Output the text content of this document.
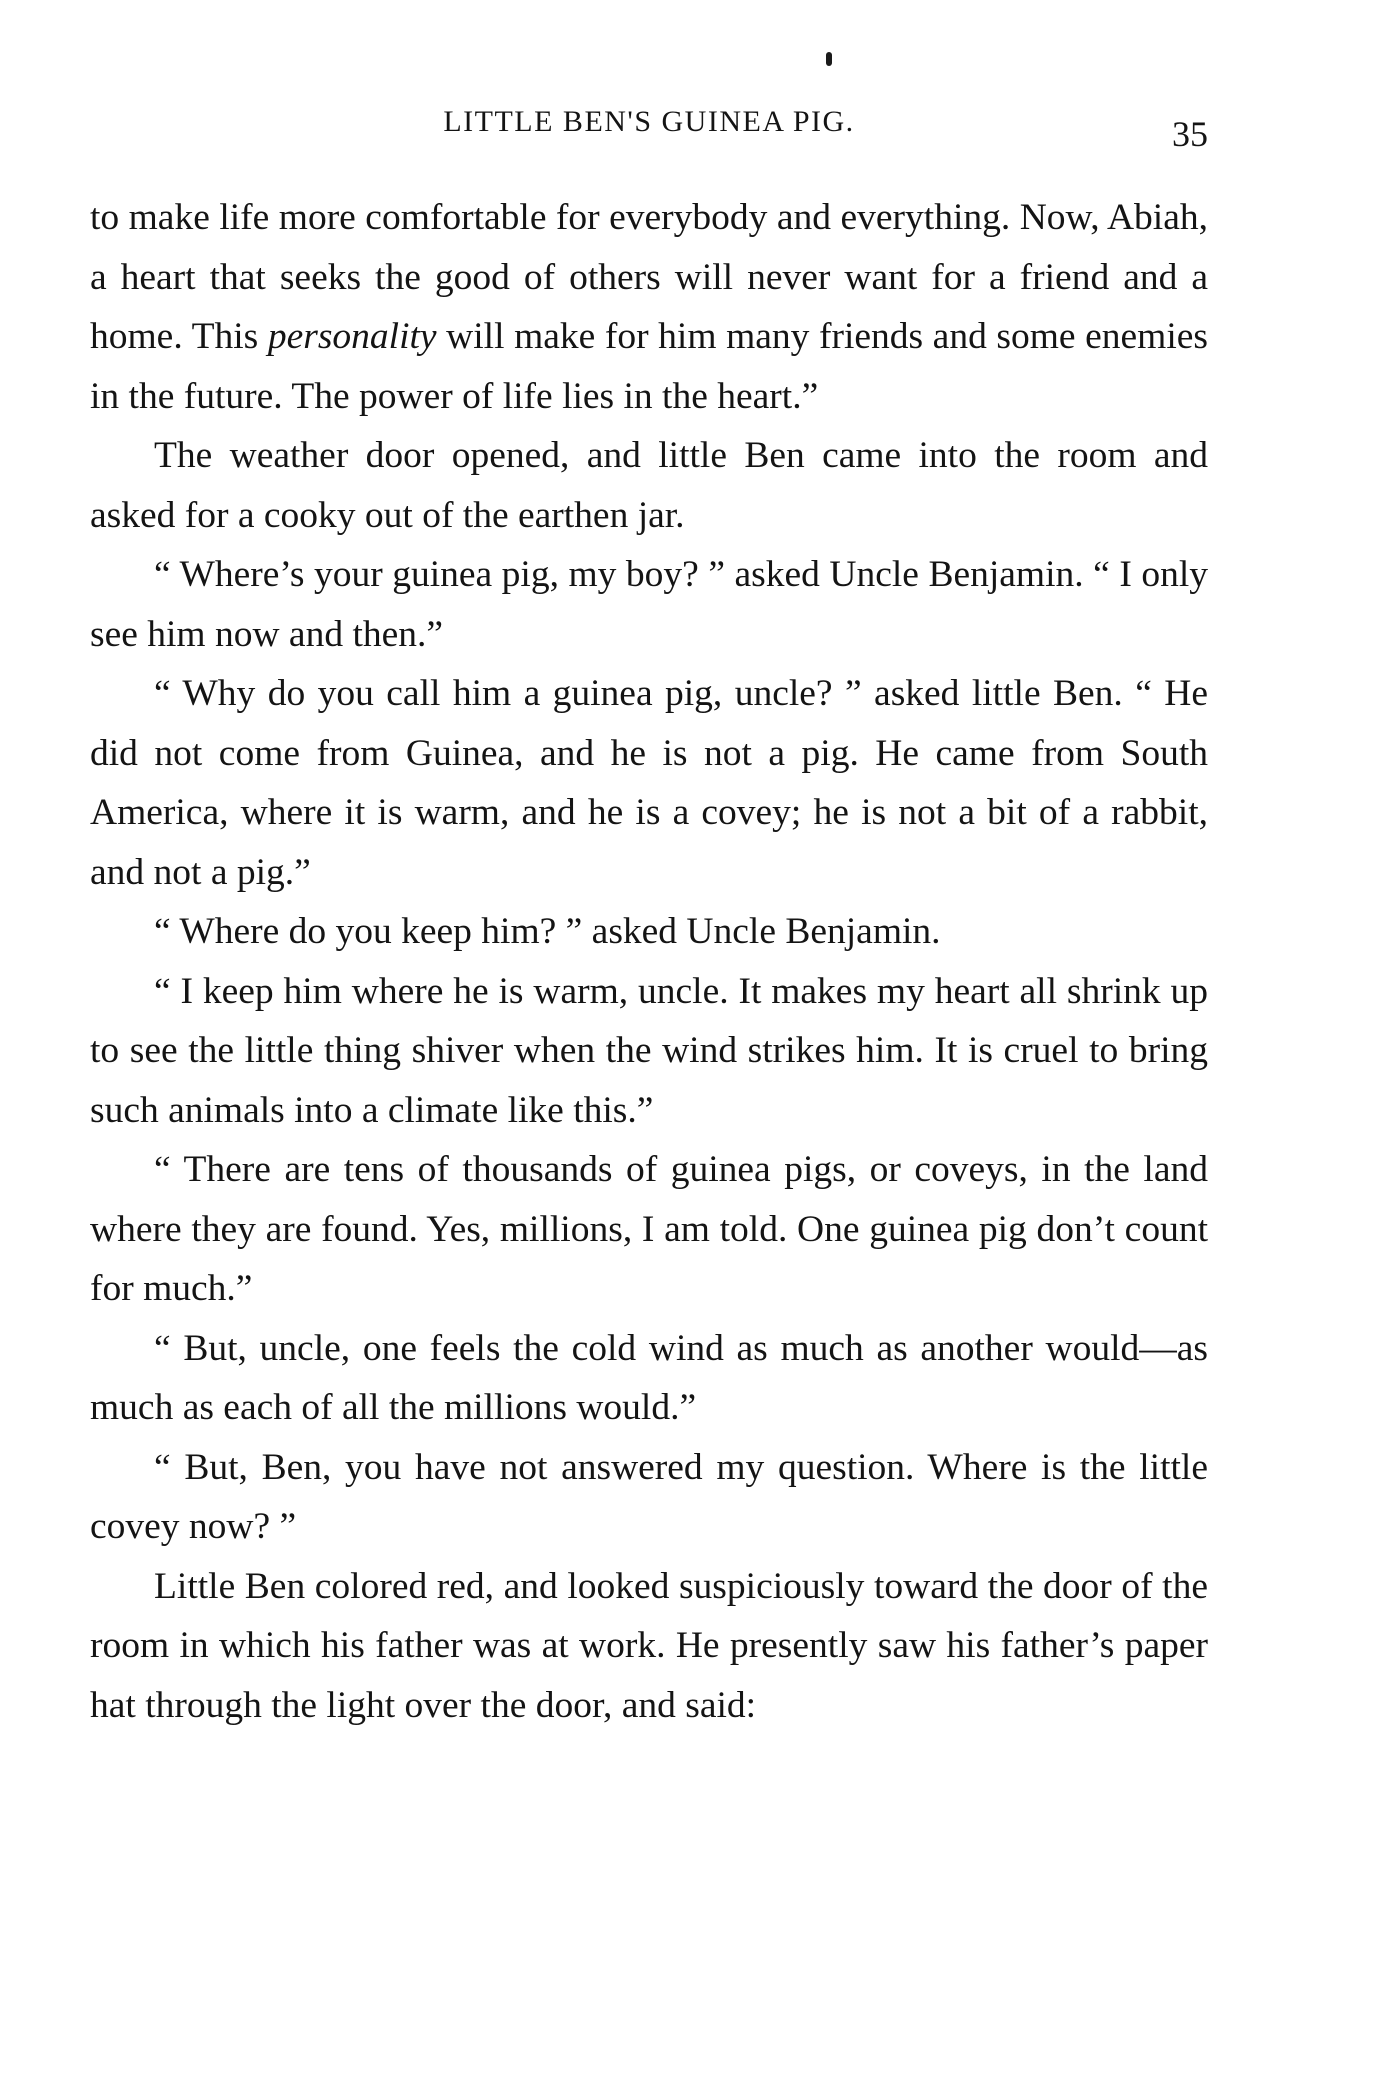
LITTLE BEN'S GUINEA PIG.	35

to make life more comfortable for everybody and everything. Now, Abiah, a heart that seeks the good of others will never want for a friend and a home. This personality will make for him many friends and some enemies in the future. The power of life lies in the heart.”

The weather door opened, and little Ben came into the room and asked for a cooky out of the earthen jar.

“ Where’s your guinea pig, my boy? ” asked Uncle Benjamin. “ I only see him now and then.”

“ Why do you call him a guinea pig, uncle? ” asked little Ben. “ He did not come from Guinea, and he is not a pig. He came from South America, where it is warm, and he is a covey; he is not a bit of a rabbit, and not a pig.”

“ Where do you keep him? ” asked Uncle Benjamin.

“ I keep him where he is warm, uncle. It makes my heart all shrink up to see the little thing shiver when the wind strikes him. It is cruel to bring such animals into a climate like this.”

“ There are tens of thousands of guinea pigs, or coveys, in the land where they are found. Yes, millions, I am told. One guinea pig don’t count for much.”

“ But, uncle, one feels the cold wind as much as another would—as much as each of all the millions would.”

“ But, Ben, you have not answered my question. Where is the little covey now? ”

Little Ben colored red, and looked suspiciously toward the door of the room in which his father was at work. He presently saw his father’s paper hat through the light over the door, and said:
